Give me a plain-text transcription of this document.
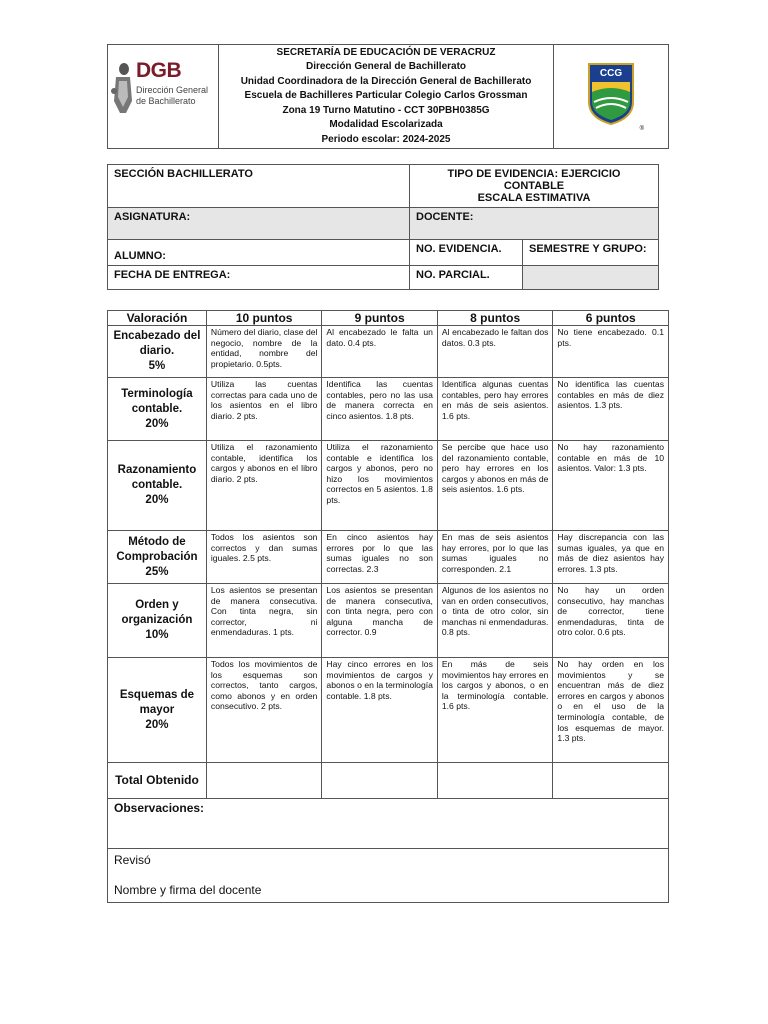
DGB
Dirección General
de Bachillerato

SECRETARÍA DE EDUCACIÓN DE VERACRUZ
Dirección General de Bachillerato
Unidad Coordinadora de la Dirección General de Bachillerato
Escuela de Bachilleres Particular Colegio Carlos Grossman
Zona 19 Turno Matutino - CCT 30PBH0385G
Modalidad Escolarizada
Periodo escolar: 2024-2025

CCG
®
SECCIÓN BACHILLERATO	TIPO DE EVIDENCIA: EJERCICIO CONTABLE
ESCALA ESTIMATIVA	

ASIGNATURA:	DOCENTE:	
ALUMNO:	NO. EVIDENCIA.	SEMESTRE Y GRUPO:
FECHA DE ENTREGA:	NO. PARCIAL.	
Valoración	10 puntos	9 puntos	8 puntos	6 puntos

Encabezado del
diario.
5%	Número del diario, clase del negocio, nombre de la entidad, nombre del propietario. 0.5pts.	Al encabezado le falta un dato. 0.4 pts.	Al encabezado le faltan dos datos. 0.3 pts.	No tiene encabezado. 0.1 pts.

Terminología
contable.
20%	Utiliza las cuentas correctas para cada uno de los asientos en el libro diario. 2 pts.	Identifica las cuentas contables, pero no las usa de manera correcta en cinco asientos. 1.8 pts.	Identifica algunas cuentas contables, pero hay errores en más de seis asientos. 1.6 pts.	No identifica las cuentas contables en más de diez asientos. 1.3 pts.

Razonamiento
contable.
20%	Utiliza el razonamiento contable, identifica los cargos y abonos en el libro diario. 2 pts.	Utiliza el razonamiento contable e identifica los cargos y abonos, pero no hizo los movimientos correctos en 5 asientos. 1.8 pts.	Se percibe que hace uso del razonamiento contable, pero hay errores en los cargos y abonos en más de seis asientos. 1.6 pts.	No hay razonamiento contable en más de 10 asientos. Valor: 1.3 pts.

Método de
Comprobación
25%	Todos los asientos son correctos y dan sumas iguales. 2.5 pts.	En cinco asientos hay errores por lo que las sumas iguales no son correctas. 2.3	En mas de seis asientos hay errores, por lo que las sumas iguales no corresponden. 2.1	Hay discrepancia con las sumas iguales, ya que en más de diez asientos hay errores. 1.3 pts.

Orden y
organización
10%	Los asientos se presentan de manera consecutiva. Con tinta negra, sin corrector, ni enmendaduras. 1 pts.	Los asientos se presentan de manera consecutiva, con tinta negra, pero con alguna mancha de corrector. 0.9	Algunos de los asientos no van en orden consecutivos, o tinta de otro color, sin manchas ni enmendaduras. 0.8 pts.	No hay un orden consecutivo, hay manchas de corrector, tiene enmendaduras, tinta de otro color. 0.6 pts.

Esquemas de
mayor
20%	Todos los movimientos de los esquemas son correctos, tanto cargos, como abonos y en orden consecutivo. 2 pts.	Hay cinco errores en los movimientos de cargos y abonos o en la terminología contable. 1.8 pts.	En más de seis movimientos hay errores en los cargos y abonos, o en la terminología contable. 1.6 pts.	No hay orden en los movimientos y se encuentran más de diez errores en cargos y abonos o en el uso de la terminología contable, de los esquemas de mayor. 1.3 pts.
Total Obtenido				
Observaciones:				

Revisó
Nombre y firma del docente				
